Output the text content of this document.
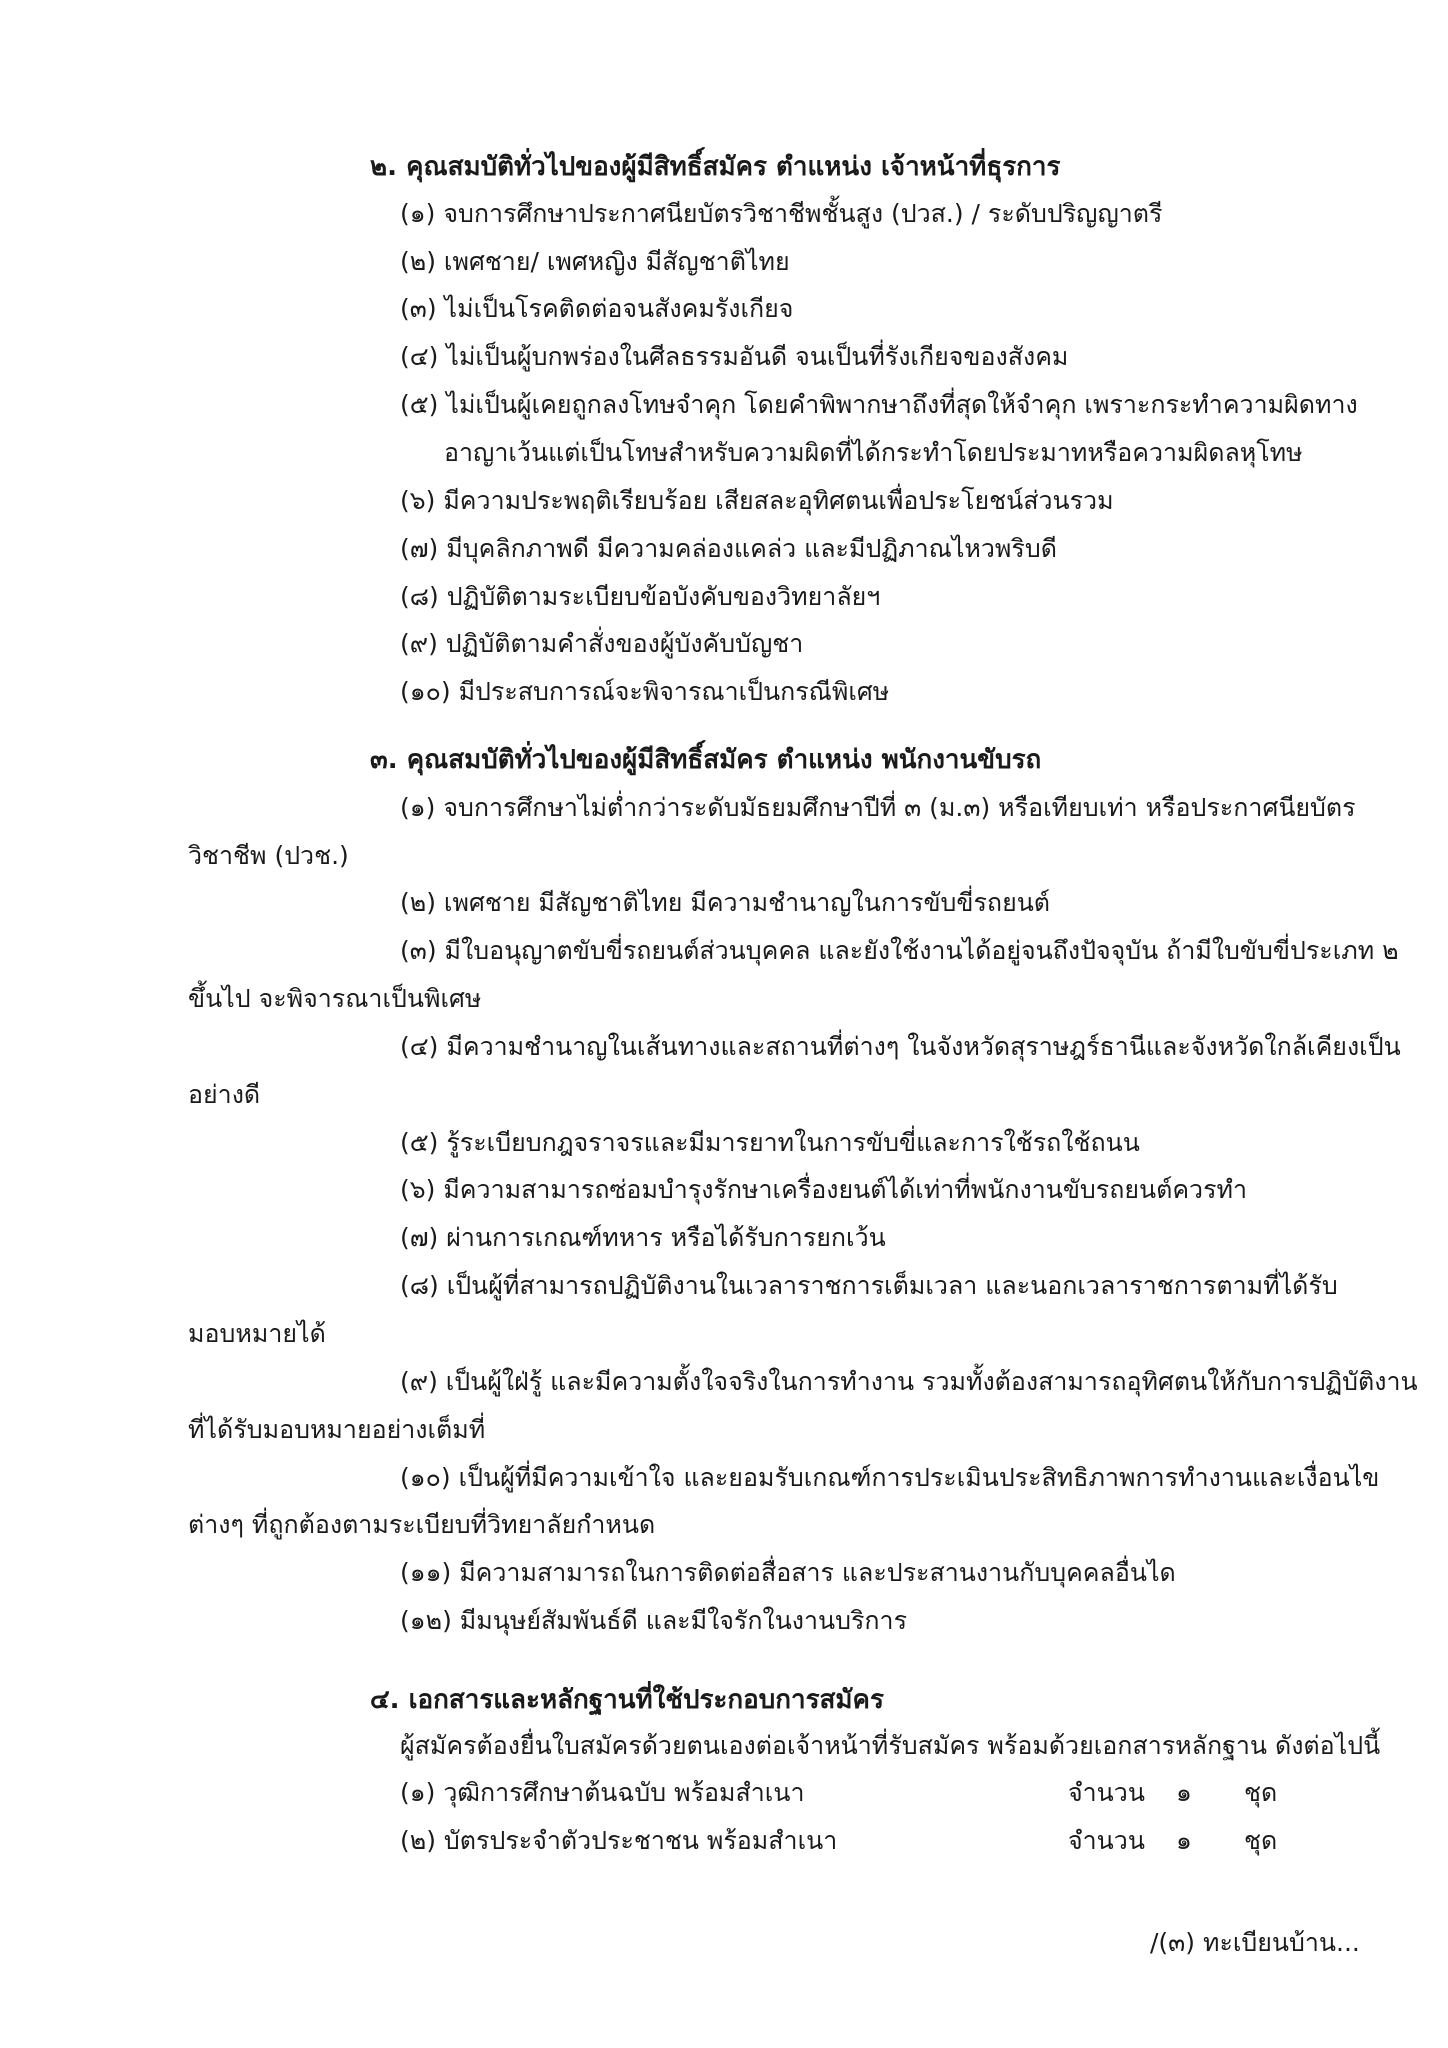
๒. คุณสมบัติทั่วไปของผู้มีสิทธิ์สมัคร ตำแหน่ง เจ้าหน้าที่ธุรการ

(๑) จบการศึกษาประกาศนียบัตรวิชาชีพชั้นสูง (ปวส.) / ระดับปริญญาตรี

(๒) เพศชาย/ เพศหญิง มีสัญชาติไทย

(๓) ไม่เป็นโรคติดต่อจนสังคมรังเกียจ

(๔) ไม่เป็นผู้บกพร่องในศีลธรรมอันดี จนเป็นที่รังเกียจของสังคม

(๕) ไม่เป็นผู้เคยถูกลงโทษจำคุก โดยคำพิพากษาถึงที่สุดให้จำคุก เพราะกระทำความผิดทาง

อาญาเว้นแต่เป็นโทษสำหรับความผิดที่ได้กระทำโดยประมาทหรือความผิดลหุโทษ

(๖) มีความประพฤติเรียบร้อย เสียสละอุทิศตนเพื่อประโยชน์ส่วนรวม

(๗) มีบุคลิกภาพดี มีความคล่องแคล่ว และมีปฏิภาณไหวพริบดี

(๘) ปฏิบัติตามระเบียบข้อบังคับของวิทยาลัยฯ

(๙) ปฏิบัติตามคำสั่งของผู้บังคับบัญชา

(๑๐) มีประสบการณ์จะพิจารณาเป็นกรณีพิเศษ

๓. คุณสมบัติทั่วไปของผู้มีสิทธิ์สมัคร ตำแหน่ง พนักงานขับรถ

(๑) จบการศึกษาไม่ต่ำกว่าระดับมัธยมศึกษาปีที่ ๓ (ม.๓) หรือเทียบเท่า หรือประกาศนียบัตร

วิชาชีพ (ปวช.)

(๒) เพศชาย มีสัญชาติไทย มีความชำนาญในการขับขี่รถยนต์

(๓) มีใบอนุญาตขับขี่รถยนต์ส่วนบุคคล และยังใช้งานได้อยู่จนถึงปัจจุบัน ถ้ามีใบขับขี่ประเภท ๒

ขึ้นไป จะพิจารณาเป็นพิเศษ

(๔) มีความชำนาญในเส้นทางและสถานที่ต่างๆ ในจังหวัดสุราษฎร์ธานีและจังหวัดใกล้เคียงเป็น

อย่างดี

(๕) รู้ระเบียบกฎจราจรและมีมารยาทในการขับขี่และการใช้รถใช้ถนน

(๖) มีความสามารถซ่อมบำรุงรักษาเครื่องยนต์ได้เท่าที่พนักงานขับรถยนต์ควรทำ

(๗) ผ่านการเกณฑ์ทหาร หรือได้รับการยกเว้น

(๘) เป็นผู้ที่สามารถปฏิบัติงานในเวลาราชการเต็มเวลา และนอกเวลาราชการตามที่ได้รับ

มอบหมายได้

(๙) เป็นผู้ใฝ่รู้ และมีความตั้งใจจริงในการทำงาน รวมทั้งต้องสามารถอุทิศตนให้กับการปฏิบัติงาน

ที่ได้รับมอบหมายอย่างเต็มที่

(๑๐) เป็นผู้ที่มีความเข้าใจ และยอมรับเกณฑ์การประเมินประสิทธิภาพการทำงานและเงื่อนไข

ต่างๆ ที่ถูกต้องตามระเบียบที่วิทยาลัยกำหนด

(๑๑) มีความสามารถในการติดต่อสื่อสาร และประสานงานกับบุคคลอื่นได

(๑๒) มีมนุษย์สัมพันธ์ดี และมีใจรักในงานบริการ

๔. เอกสารและหลักฐานที่ใช้ประกอบการสมัคร

ผู้สมัครต้องยื่นใบสมัครด้วยตนเองต่อเจ้าหน้าที่รับสมัคร พร้อมด้วยเอกสารหลักฐาน ดังต่อไปนี้

(๑) วุฒิการศึกษาต้นฉบับ พร้อมสำเนา	จำนวน ๑ ชุด

(๒) บัตรประจำตัวประชาชน พร้อมสำเนา	จำนวน ๑ ชุด
/(๓) ทะเบียนบ้าน...
